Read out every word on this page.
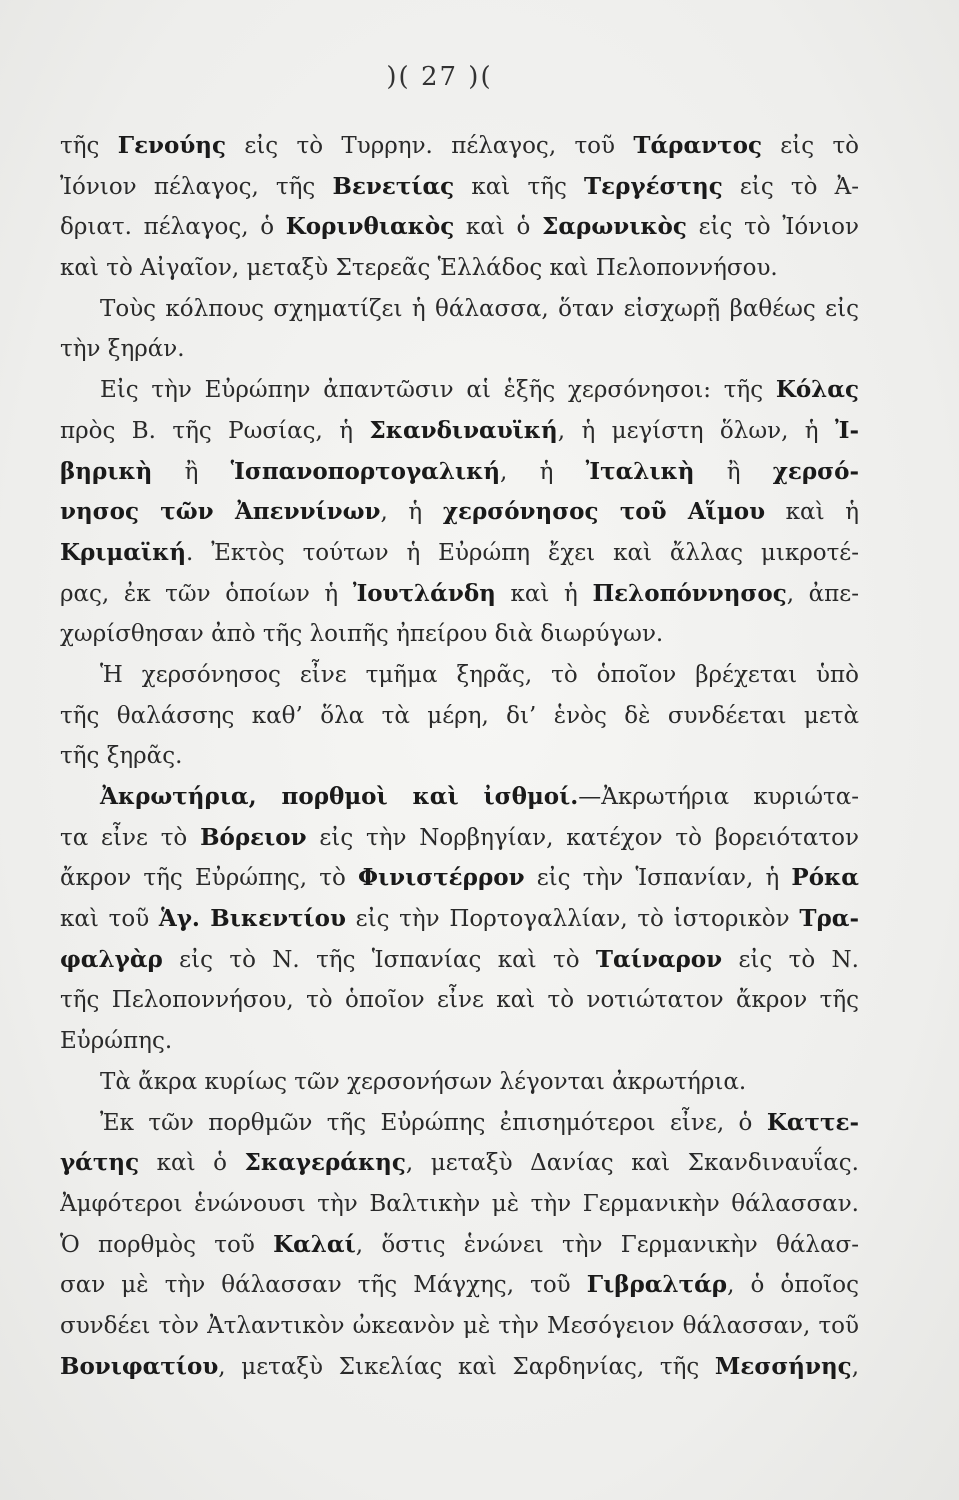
)( 27 )(
τῆς Γενούης εἰς τὸ Τυρρην. πέλαγος, τοῦ Τάραντος εἰς τὸ
Ἰόνιον πέλαγος, τῆς Βενετίας καὶ τῆς Τεργέστης εἰς τὸ Ἀ-
δριατ. πέλαγος, ὁ Κορινθιακὸς καὶ ὁ Σαρωνικὸς εἰς τὸ Ἰόνιον
καὶ τὸ Αἰγαῖον, μεταξὺ Στερεᾶς Ἑλλάδος καὶ Πελοποννήσου.
Τοὺς κόλπους σχηματίζει ἡ θάλασσα, ὅταν εἰσχωρῇ βαθέως εἰς
τὴν ξηράν.
Εἰς τὴν Εὐρώπην ἀπαντῶσιν αἱ ἑξῆς χερσόνησοι: τῆς Κόλας
πρὸς Β. τῆς Ρωσίας, ἡ Σκανδιναυϊκή, ἡ μεγίστη ὅλων, ἡ Ἰ-
βηρικὴ ἢ Ἱσπανοπορτογαλική, ἡ Ἰταλικὴ ἢ χερσό-
νησος τῶν Ἀπεννίνων, ἡ χερσόνησος τοῦ Αἵμου καὶ ἡ
Κριμαϊκή. Ἐκτὸς τούτων ἡ Εὐρώπη ἔχει καὶ ἄλλας μικροτέ-
ρας, ἐκ τῶν ὁποίων ἡ Ἰουτλάνδη καὶ ἡ Πελοπόννησος, ἀπε-
χωρίσθησαν ἀπὸ τῆς λοιπῆς ἠπείρου διὰ διωρύγων.
Ἡ χερσόνησος εἶνε τμῆμα ξηρᾶς, τὸ ὁποῖον βρέχεται ὑπὸ
τῆς θαλάσσης καθ’ ὅλα τὰ μέρη, δι’ ἑνὸς δὲ συνδέεται μετὰ
τῆς ξηρᾶς.
Ἀκρωτήρια, πορθμοὶ καὶ ἰσθμοί.—Ἀκρωτήρια κυριώτα-
τα εἶνε τὸ Βόρειον εἰς τὴν Νορβηγίαν, κατέχον τὸ βορειότατον
ἄκρον τῆς Εὐρώπης, τὸ Φινιστέρρον εἰς τὴν Ἱσπανίαν, ἡ Ρόκα
καὶ τοῦ Ἁγ. Βικεντίου εἰς τὴν Πορτογαλλίαν, τὸ ἱστορικὸν Τρα-
φαλγὰρ εἰς τὸ Ν. τῆς Ἱσπανίας καὶ τὸ Ταίναρον εἰς τὸ Ν.
τῆς Πελοποννήσου, τὸ ὁποῖον εἶνε καὶ τὸ νοτιώτατον ἄκρον τῆς
Εὐρώπης.
Τὰ ἄκρα κυρίως τῶν χερσονήσων λέγονται ἀκρωτήρια.
Ἐκ τῶν πορθμῶν τῆς Εὐρώπης ἐπισημότεροι εἶνε, ὁ Καττε-
γάτης καὶ ὁ Σκαγεράκης, μεταξὺ Δανίας καὶ Σκανδιναυΐας.
Ἀμφότεροι ἑνώνουσι τὴν Βαλτικὴν μὲ τὴν Γερμανικὴν θάλασσαν.
Ὁ πορθμὸς τοῦ Καλαί, ὅστις ἑνώνει τὴν Γερμανικὴν θάλασ-
σαν μὲ τὴν θάλασσαν τῆς Μάγχης, τοῦ Γιβραλτάρ, ὁ ὁποῖος
συνδέει τὸν Ἀτλαντικὸν ὠκεανὸν μὲ τὴν Μεσόγειον θάλασσαν, τοῦ
Βονιφατίου, μεταξὺ Σικελίας καὶ Σαρδηνίας, τῆς Μεσσήνης,
